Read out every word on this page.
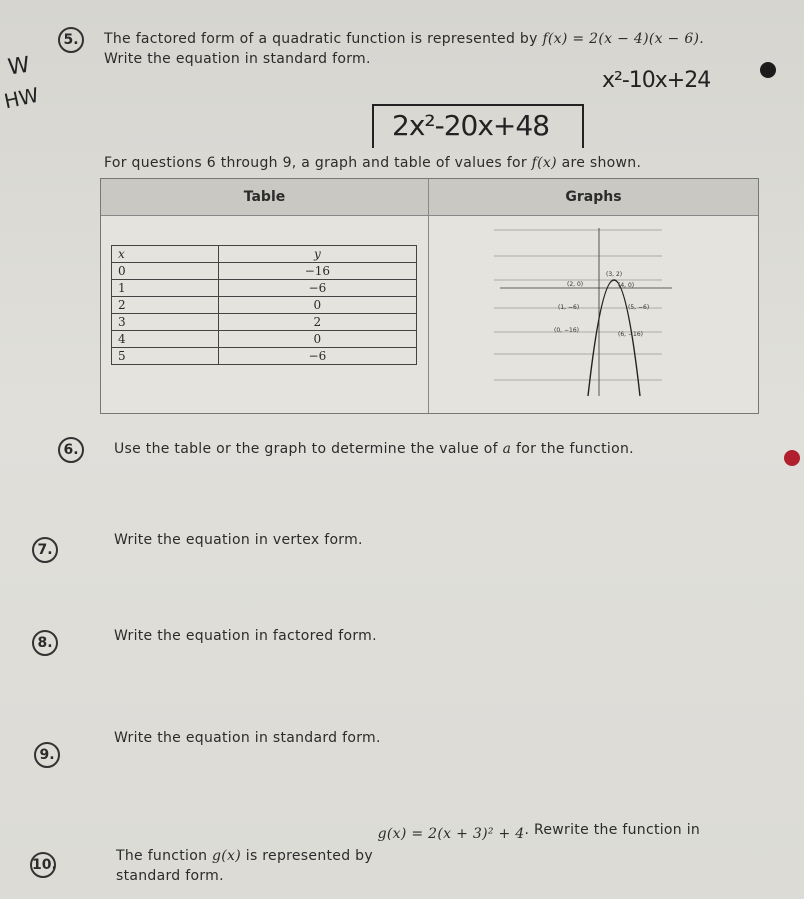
5.	The factored form of a quadratic function is represented by f(x) = 2(x − 4)(x − 6).
Write the equation in standard form.
W
HW
x²-10x+24
2x²-20x+48
For questions 6 through 9, a graph and table of values for f(x) are shown.
Table	Graphs
x	y
0	−16
1	−6
2	0
3	2
4	0
5	−6
(2, 0)
(3, 2)
(4, 0)
(1, −6)	(5, −6)
(0, −16)
(6, −16)
6.	Use the table or the graph to determine the value of a for the function.
7.
Write the equation in vertex form.
8.	Write the equation in factored form.
9.
Write the equation in standard form.
10.
The function g(x) is represented by g(x) = 2(x + 3)² + 4. Rewrite the function in
standard form.
